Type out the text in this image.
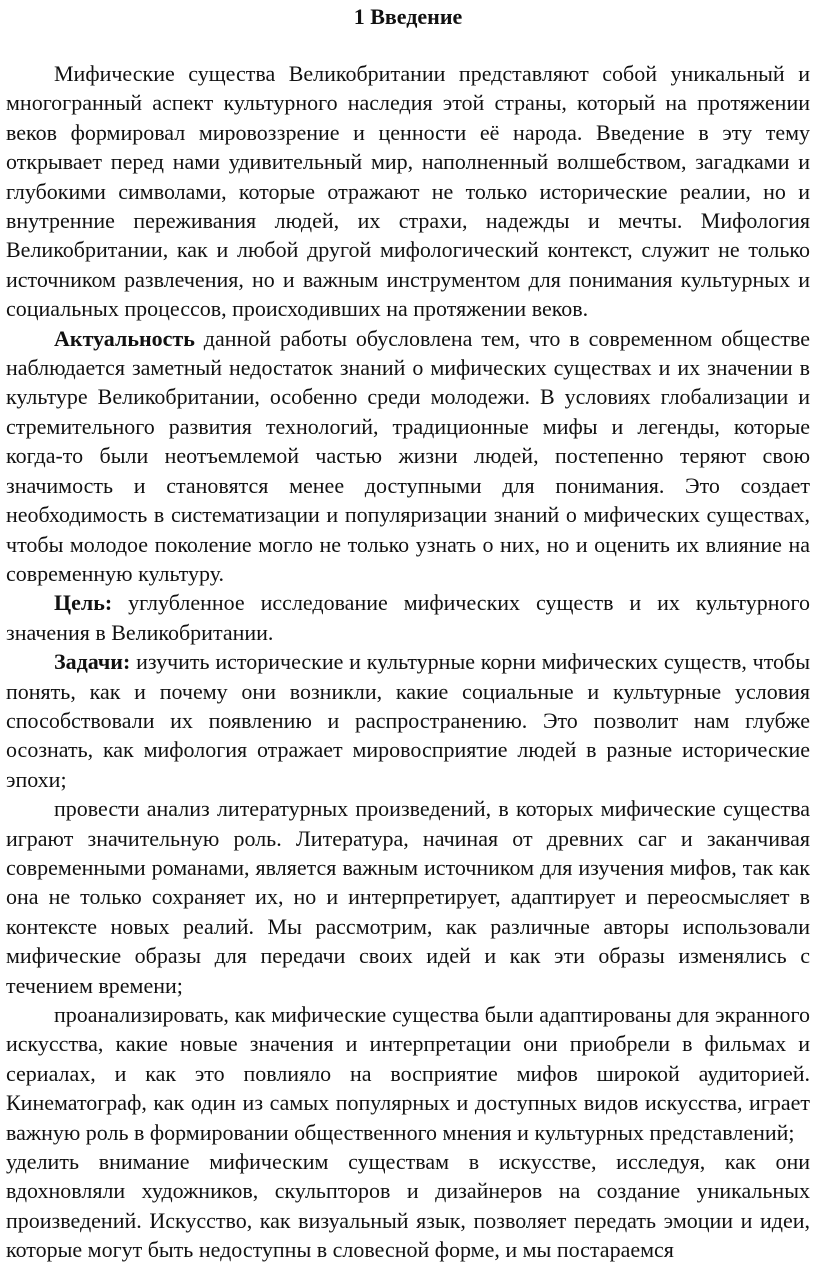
1 Введение

Мифические существа Великобритании представляют собой уникальный и многогранный аспект культурного наследия этой страны, который на протяжении веков формировал мировоззрение и ценности её народа. Введение в эту тему открывает перед нами удивительный мир, наполненный волшебством, загадками и глубокими символами, которые отражают не только исторические реалии, но и внутренние переживания людей, их страхи, надежды и мечты. Мифология Великобритании, как и любой другой мифологический контекст, служит не только источником развлечения, но и важным инструментом для понимания культурных и социальных процессов, происходивших на протяжении веков.

Актуальность данной работы обусловлена тем, что в современном обществе наблюдается заметный недостаток знаний о мифических существах и их значении в культуре Великобритании, особенно среди молодежи. В условиях глобализации и стремительного развития технологий, традиционные мифы и легенды, которые когда-то были неотъемлемой частью жизни людей, постепенно теряют свою значимость и становятся менее доступными для понимания. Это создает необходимость в систематизации и популяризации знаний о мифических существах, чтобы молодое поколение могло не только узнать о них, но и оценить их влияние на современную культуру.

Цель: углубленное исследование мифических существ и их культурного значения в Великобритании.

Задачи: изучить исторические и культурные корни мифических существ, чтобы понять, как и почему они возникли, какие социальные и культурные условия способствовали их появлению и распространению. Это позволит нам глубже осознать, как мифология отражает мировосприятие людей в разные исторические эпохи;

провести анализ литературных произведений, в которых мифические существа играют значительную роль. Литература, начиная от древних саг и заканчивая современными романами, является важным источником для изучения мифов, так как она не только сохраняет их, но и интерпретирует, адаптирует и переосмысляет в контексте новых реалий. Мы рассмотрим, как различные авторы использовали мифические образы для передачи своих идей и как эти образы изменялись с течением времени;

проанализировать, как мифические существа были адаптированы для экранного искусства, какие новые значения и интерпретации они приобрели в фильмах и сериалах, и как это повлияло на восприятие мифов широкой аудиторией. Кинематограф, как один из самых популярных и доступных видов искусства, играет важную роль в формировании общественного мнения и культурных представлений;

уделить внимание мифическим существам в искусстве, исследуя, как они вдохновляли художников, скульпторов и дизайнеров на создание уникальных произведений. Искусство, как визуальный язык, позволяет передать эмоции и идеи, которые могут быть недоступны в словесной форме, и мы постараемся
